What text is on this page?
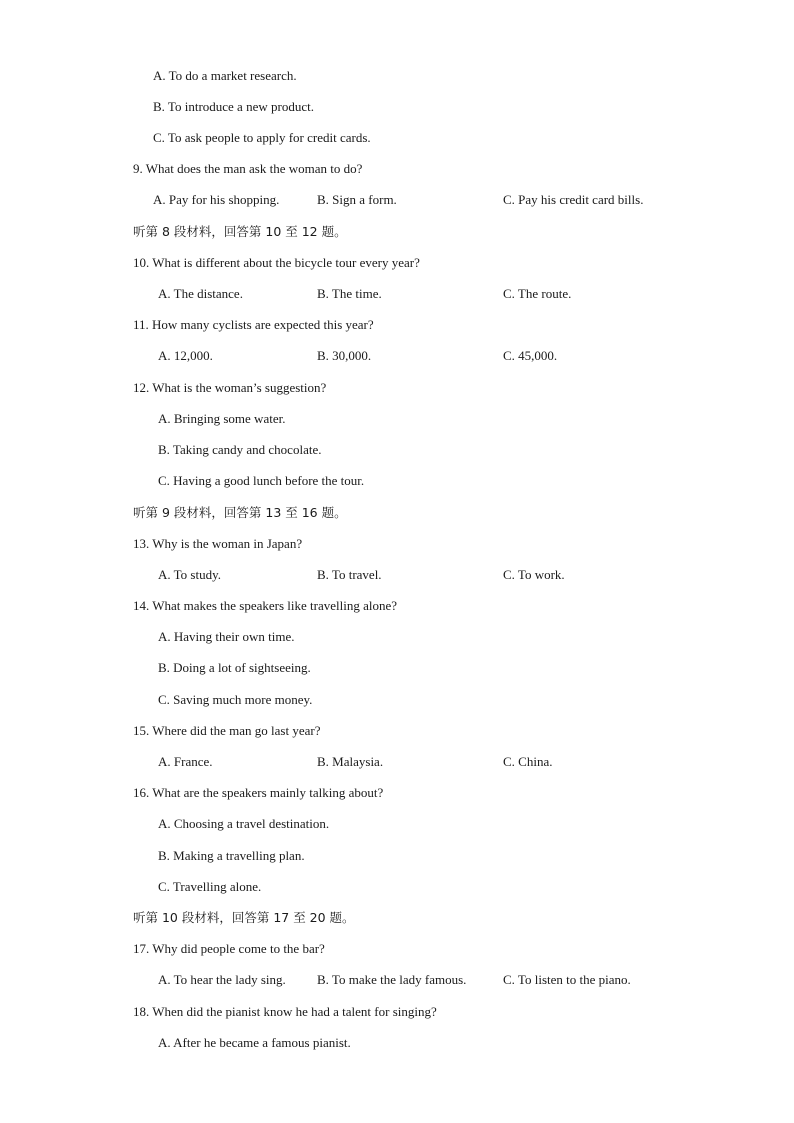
A. To do a market research.
B. To introduce a new product.
C. To ask people to apply for credit cards.
9. What does the man ask the woman to do?
A. Pay for his shopping.	B. Sign a form.	C. Pay his credit card bills.
听第 8 段材料，回答第 10 至 12 题。
10. What is different about the bicycle tour every year?
A. The distance.	B. The time.	C. The route.
11. How many cyclists are expected this year?
A. 12,000.	B. 30,000.	C. 45,000.
12. What is the woman’s suggestion?
A. Bringing some water.
B. Taking candy and chocolate.
C. Having a good lunch before the tour.
听第 9 段材料，回答第 13 至 16 题。
13. Why is the woman in Japan?
A. To study.	B. To travel.	C. To work.
14. What makes the speakers like travelling alone?
A. Having their own time.
B. Doing a lot of sightseeing.
C. Saving much more money.
15. Where did the man go last year?
A. France.	B. Malaysia.	C. China.
16. What are the speakers mainly talking about?
A. Choosing a travel destination.
B. Making a travelling plan.
C. Travelling alone.
听第 10 段材料，回答第 17 至 20 题。
17. Why did people come to the bar?
A. To hear the lady sing. B. To make the lady famous.	C. To listen to the piano.
18. When did the pianist know he had a talent for singing?
A. After he became a famous pianist.
